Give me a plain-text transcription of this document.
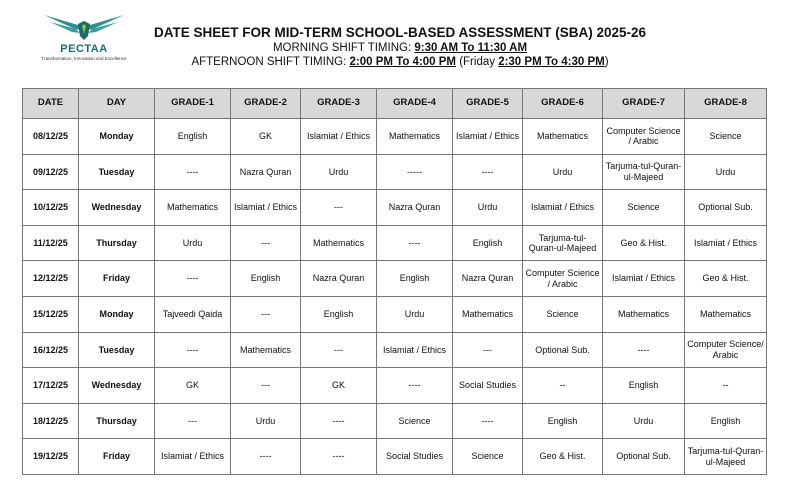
PECTAA
Transformation, Innovation and Excellence
DATE SHEET FOR MID-TERM SCHOOL-BASED ASSESSMENT (SBA) 2025-26
MORNING SHIFT TIMING: 9:30 AM To 11:30 AM
AFTERNOON SHIFT TIMING: 2:00 PM To 4:00 PM (Friday 2:30 PM To 4:30 PM)
DATE	DAY	GRADE-1	GRADE-2	GRADE-3	GRADE-4	GRADE-5	GRADE-6	GRADE-7	GRADE-8
08/12/25	Monday	English	GK	Islamiat / Ethics	Mathematics	Islamiat / Ethics	Mathematics	Computer Science / Arabic	Science
09/12/25	Tuesday	----	Nazra Quran	Urdu	-----	----	Urdu	Tarjuma-tul-Quran-ul-Majeed	Urdu
10/12/25	Wednesday	Mathematics	Islamiat / Ethics	---	Nazra Quran	Urdu	Islamiat / Ethics	Science	Optional Sub.
11/12/25	Thursday	Urdu	---	Mathematics	----	English	Tarjuma-tul-Quran-ul-Majeed	Geo & Hist.	Islamiat / Ethics
12/12/25	Friday	----	English	Nazra Quran	English	Nazra Quran	Computer Science / Arabic	Islamiat / Ethics	Geo & Hist.
15/12/25	Monday	Tajveedi Qaida	---	English	Urdu	Mathematics	Science	Mathematics	Mathematics
16/12/25	Tuesday	----	Mathematics	---	Islamiat / Ethics	---	Optional Sub.	----	Computer Science/ Arabic
17/12/25	Wednesday	GK	---	GK	----	Social Studies	--	English	--
18/12/25	Thursday	---	Urdu	----	Science	----	English	Urdu	English
19/12/25	Friday	Islamiat / Ethics	----	----	Social Studies	Science	Geo & Hist.	Optional Sub.	Tarjuma-tul-Quran-ul-Majeed
